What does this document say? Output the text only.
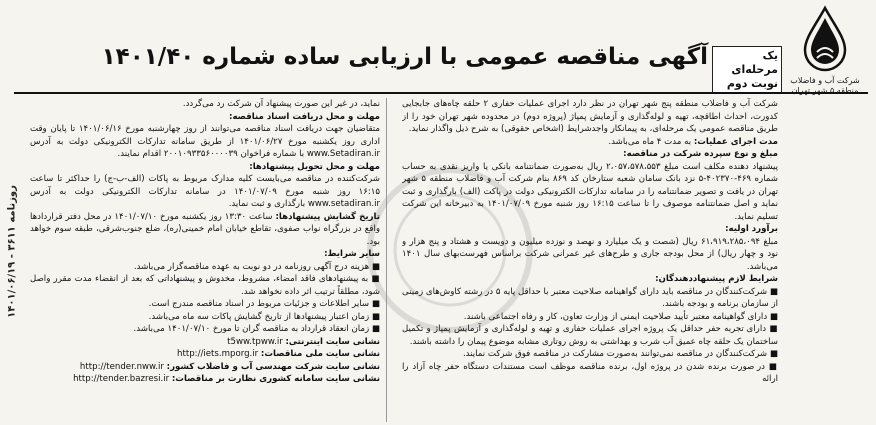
شرکت آب و فاضلاب
منطقه ۵ شهر تهران
یک مرحله‌ای
نوبت دوم
آگهی مناقصه عمومی با ارزیابی ساده شماره ۱۴۰۱/۴۰
روزنامه ۳۶۱۱ - ۱۴۰۱/۰۶/۱۹

شرکت آب و فاضلاب منطقه پنج شهر تهران در نظر دارد اجرای عملیات حفاری ۲ حلقه چاه‌های جابجایی کدورت، احداث اطاقچه، تهیه و لوله‌گذاری و آزمایش پمپاژ (پروژه دوم) در محدوده شهر تهران خود را از طریق مناقصه عمومی یک مرحله‌ای، به پیمانکار واجدشرایط (اشخاص حقوقی) به شرح ذیل واگذار نماید.

مدت اجرای عملیات: به مدت ۴ ماه می‌باشد.

مبلغ و نوع سپرده شرکت در مناقصه:

پیشنهاد دهنده مکلف است مبلغ ۲،۰۵۷،۵۷۸،۵۵۳ ریال به‌صورت ضمانتنامه بانکی یا واریز نقدی به حساب شماره ۴۶۹-۴۰۲۳۷۰-۵ نزد بانک سامان شعبه ستارخان کد ۸۶۹ بنام شرکت آب و فاضلاب منطقه ۵ شهر تهران در یافت و تصویر ضمانتنامه را در سامانه تدارکات الکترونیکی دولت در پاکت (الف) بارگذاری و ثبت نماید و اصل ضمانتنامه موصوف را تا ساعت ۱۶:۱۵ روز شنبه مورخ ۱۴۰۱/۰۷/۰۹ به دبیرخانه این شرکت تسلیم نماید.

برآورد اولیه:

مبلغ ۶۱،۹۱۹،۲۸۵،۰۹۴ ریال (شصت و یک میلیارد و نهصد و نوزده میلیون و دویست و هشتاد و پنج هزار و نود و چهار ریال) از محل بودجه جاری و طرح‌های غیر عمرانی شرکت براساس فهرست‌بهای سال ۱۴۰۱ می‌باشد.

شرایط لازم پیشنهاددهندگان:

■ شرکت‌کنندگان در مناقصه باید دارای گواهینامه صلاحیت معتبر با حداقل پایه ۵ در رشته کاوش‌های زمینی از سازمان برنامه و بودجه باشند.

■ دارای گواهینامه معتبر تأیید صلاحیت ایمنی از وزارت تعاون، کار و رفاه اجتماعی باشند.

■ دارای تجربه حفر حداقل یک پروژه اجرای عملیات حفاری و تهیه و لوله‌گذاری و آزمایش پمپاژ و تکمیل ساختمان یک حلقه چاه عمیق آب شرب و بهداشتی به روش روتاری مشابه موضوع پیمان را داشته باشند.

■ شرکت‌کنندگان در مناقصه نمی‌توانند به‌صورت مشارکت در مناقصه فوق شرکت نمایند.

■ در صورت برنده شدن در پروژه اول، برنده مناقصه موظف است مستندات دستگاه حفر چاه آزاد را ارائه

نماید، در غیر این صورت پیشنهاد آن شرکت رد می‌گردد.

مهلت و محل دریافت اسناد مناقصه:

متقاضیان جهت دریافت اسناد مناقصه می‌توانند از روز چهارشنبه مورخ ۱۴۰۱/۰۶/۱۶ تا پایان وقت اداری روز یکشنبه مورخ ۱۴۰۱/۰۶/۲۷ از طریق سامانه تدارکات الکترونیکی دولت به آدرس www.Setadiran.ir با شماره فراخوان ۲۰۰۱۰۹۳۳۵۶۰۰۰۰۳۹ اقدام نمایند.

مهلت و محل تحویل پیشنهادها:

شرکت‌کننده در مناقصه می‌بایست کلیه مدارک مربوط به پاکات (الف-ب-ج) را حداکثر تا ساعت ۱۶:۱۵ روز شنبه مورخ ۱۴۰۱/۰۷/۰۹ در سامانه تدارکات الکترونیکی دولت به آدرس www.setadiran.ir بارگذاری و ثبت نماید.

تاریخ گشایش پیشنهادها: ساعت ۱۳:۳۰ روز یکشنبه مورخ ۱۴۰۱/۰۷/۱۰ در محل دفتر قراردادها واقع در بزرگراه نواب صفوی، تقاطع خیابان امام خمینی(ره)، ضلع جنوب‌شرقی، طبقه سوم خواهد بود.

سایر شرایط:

■ هزینه درج آگهی روزنامه در دو نوبت به عهده مناقصه‌گزار می‌باشد.

■ به پیشنهادهای فاقد امضاء، مشروط، مخدوش و پیشنهاداتی که بعد از انقضاء مدت مقرر واصل شود، مطلقاً ترتیب اثر داده نخواهد شد.

■ سایر اطلاعات و جزئیات مربوط در اسناد مناقصه مندرج است.

■ زمان اعتبار پیشنهادها از تاریخ گشایش پاکات سه ماه می‌باشد.

■ زمان انعقاد قرارداد به مناقصه گران تا مورخ ۱۴۰۱/۰۷/۱۰ می‌باشد.

نشانی سایت اینترنتی: t5ww.tpww.ir

نشانی سایت ملی مناقصات: http://iets.mporg.ir

نشانی سایت شرکت مهندسی آب و فاضلاب کشور: http://tender.nww.ir

نشانی سایت سامانه کشوری نظارت بر مناقصات: http://tender.bazresi.ir
